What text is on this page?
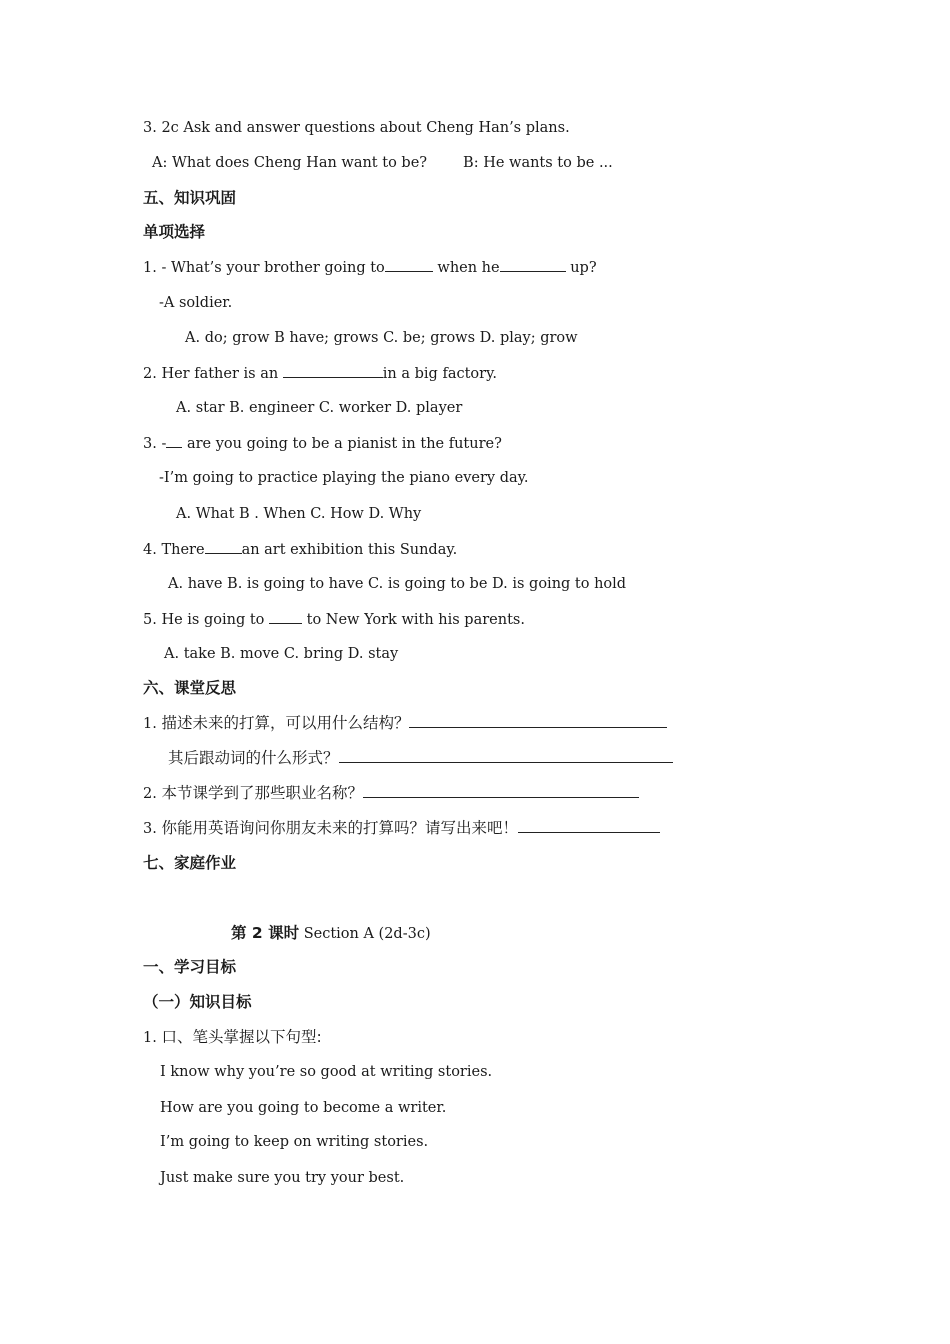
3. 2c Ask and answer questions about Cheng Han’s plans.
A: What does Cheng Han want to be? B: He wants to be ...
五、知识巩固
单项选择
1. - What’s your brother going to	when he	up?
-A soldier.
A. do; grow B have; grows C. be; grows D. play; grow
2. Her father is an	in a big factory.
A. star B. engineer C. worker D. player
3. - are you going to be a pianist in the future?
-I’m going to practice playing the piano every day.
A. What B . When C. How D. Why
4. There	an art exhibition this Sunday.
A. have B. is going to have C. is going to be D. is going to hold
5. He is going to	to New York with his parents.
A. take B. move C. bring D. stay
六、课堂反思
1. 描述未来的打算，可以用什么结构？
其后跟动词的什么形式？
2. 本节课学到了那些职业名称？
3. 你能用英语询问你朋友未来的打算吗？请写出来吧！
七、家庭作业
第 2 课时 Section A (2d-3c)
一、学习目标
（一）知识目标
1. 口、笔头掌握以下句型:
I know why you’re so good at writing stories.
How are you going to become a writer.
I’m going to keep on writing stories.
Just make sure you try your best.
